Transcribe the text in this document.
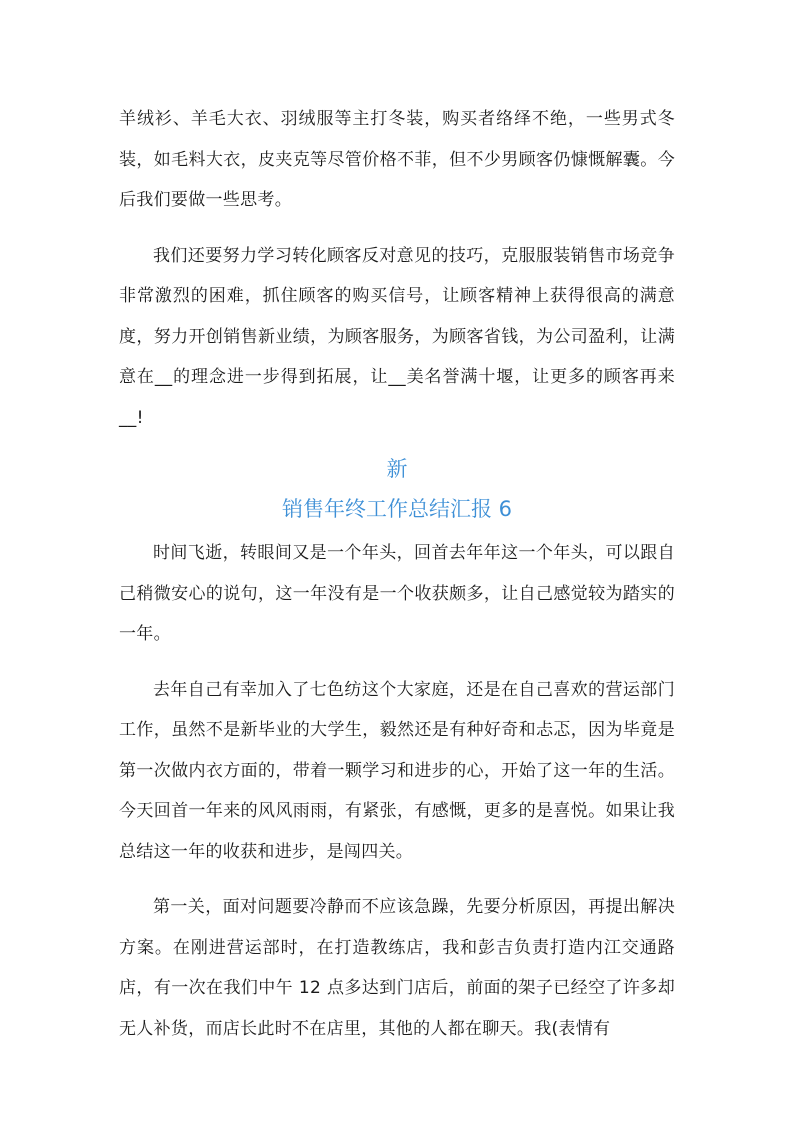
羊绒衫、羊毛大衣、羽绒服等主打冬装，购买者络绎不绝，一些男式冬装，如毛料大衣，皮夹克等尽管价格不菲，但不少男顾客仍慷慨解囊。今后我们要做一些思考。

我们还要努力学习转化顾客反对意见的技巧，克服服装销售市场竞争非常激烈的困难，抓住顾客的购买信号，让顾客精神上获得很高的满意度，努力开创销售新业绩，为顾客服务，为顾客省钱，为公司盈利，让满意在__的理念进一步得到拓展，让__美名誉满十堰，让更多的顾客再来__!

新

销售年终工作总结汇报 6

时间飞逝，转眼间又是一个年头，回首去年年这一个年头，可以跟自己稍微安心的说句，这一年没有是一个收获颇多，让自己感觉较为踏实的一年。

去年自己有幸加入了七色纺这个大家庭，还是在自己喜欢的营运部门工作，虽然不是新毕业的大学生，毅然还是有种好奇和忐忑，因为毕竟是第一次做内衣方面的，带着一颗学习和进步的心，开始了这一年的生活。今天回首一年来的风风雨雨，有紧张，有感慨，更多的是喜悦。如果让我总结这一年的收获和进步，是闯四关。

第一关，面对问题要冷静而不应该急躁，先要分析原因，再提出解决方案。在刚进营运部时，在打造教练店，我和彭吉负责打造内江交通路店，有一次在我们中午 12 点多达到门店后，前面的架子已经空了许多却无人补货，而店长此时不在店里，其他的人都在聊天。我(表情有
